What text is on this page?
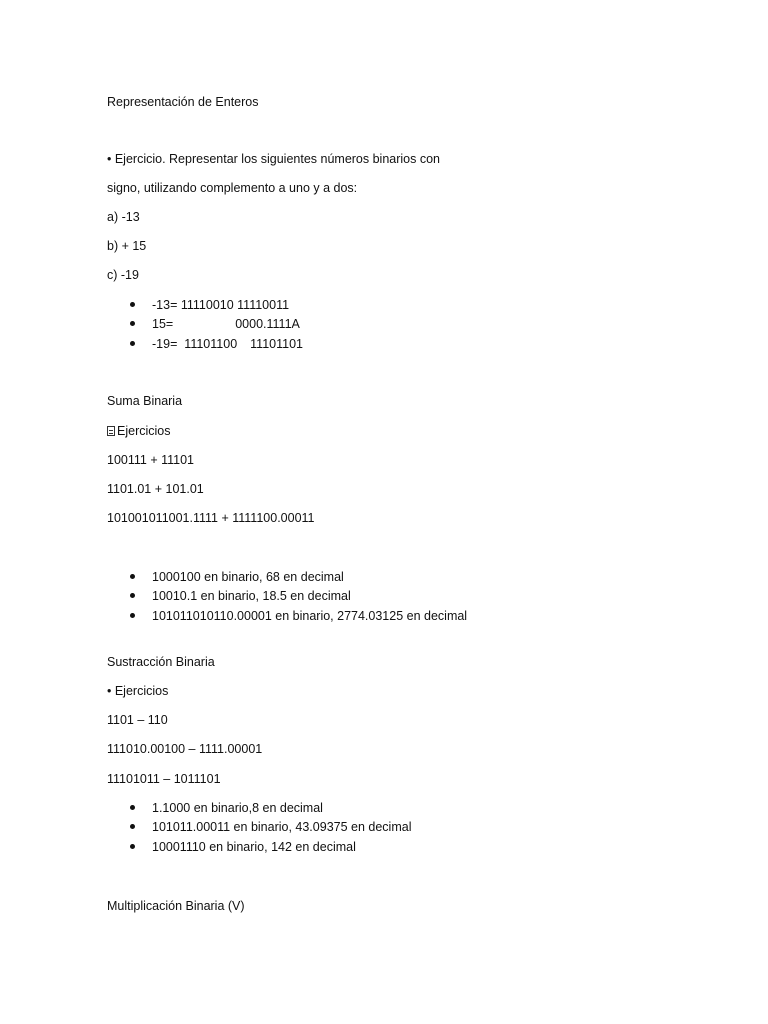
Representación de Enteros
• Ejercicio. Representar los siguientes números binarios con
signo, utilizando complemento a uno y a dos:
a) -13
b) + 15
c) -19
-13= 11110010 11110011
15=	0000.1111A
-19=  11101100 11101101
Suma Binaria
Ejercicios
100111 + 11101
1101.01 + 101.01
101001011001.1111 + 1111100.00011
1000100 en binario, 68 en decimal
10010.1 en binario, 18.5 en decimal
101011010110.00001 en binario, 2774.03125 en decimal
Sustracción Binaria
• Ejercicios
1101 – 110
111010.00100 – 1111.00001
11101011 – 1011101
1.1000 en binario,8 en decimal
101011.00011 en binario, 43.09375 en decimal
10001110 en binario, 142 en decimal
Multiplicación Binaria (V)
